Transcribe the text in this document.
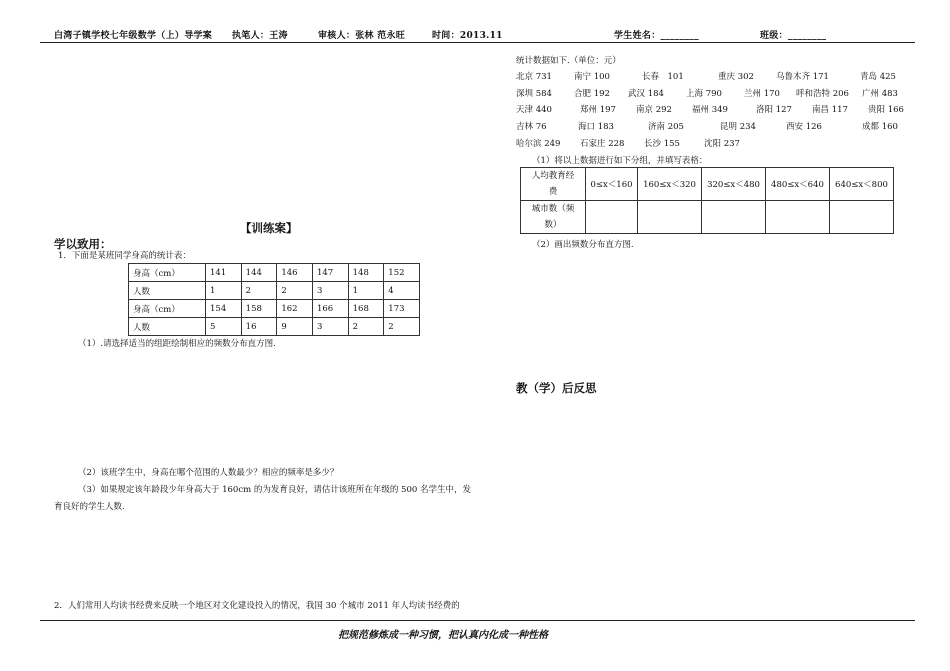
白湾子镇学校七年级数学（上）导学案 执笔人：王涛	审核人：张林 范永旺	时间：2013.11	学生姓名：________	班级：________
【训练案】
学以致用：
1．下面是某班同学身高的统计表：
身高（cm）	141	144	146	147	148	152
人数	1	2	2	3	1	4
身高（cm）	154	158	162	166	168	173
人数	5	16	9	3	2	2
（1）.请选择适当的组距绘制相应的频数分布直方图.
（2）该班学生中，身高在哪个范围的人数最少？相应的频率是多少？
（3）如果规定该年龄段少年身高大于 160cm 的为发育良好，请估计该班所在年级的 500 名学生中，发
育良好的学生人数.
2．人们常用人均读书经费来反映一个地区对文化建设投入的情况，我国 30 个城市 2011 年人均读书经费的
统计数据如下.（单位：元）
北京 731	南宁 100	长春　101	重庆 302	乌鲁木齐 171	青岛 425
深圳 584	合肥 192 武汉 184	上海 790	兰州 170 呼和浩特 206 广州 483
天津 440	郑州 197 南京 292 福州 349	洛阳 127 南昌 117 贵阳 166
吉林 76	海口 183	济南 205	昆明 234	西安 126	成都 160
哈尔滨 249 石家庄 228 长沙 155	沈阳 237
（1）将以上数据进行如下分组，并填写表格：
人均教育经
费	0≤x＜160	160≤x＜320	320≤x＜480	480≤x＜640	640≤x＜800

城市数（频
数）					

（2）画出频数分布直方图.
教（学）后反思
把规范修炼成一种习惯，把认真内化成一种性格
